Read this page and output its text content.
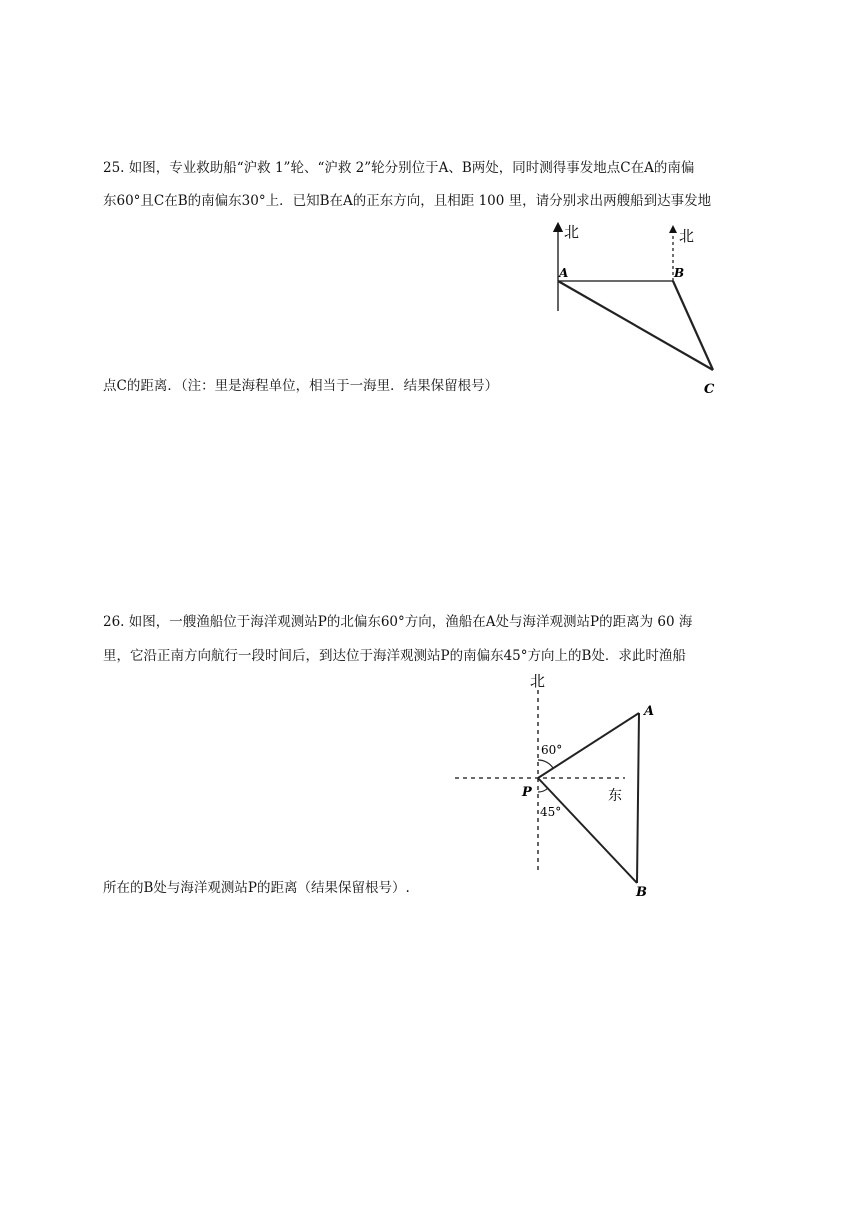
25. 如图，专业救助船“沪救 1”轮、“沪救 2”轮分别位于A、B两处，同时测得事发地点C在A的南偏
东60°且C在B的南偏东30°上．已知B在A的正东方向，且相距 100 里，请分别求出两艘船到达事发地
点C的距离．（注：里是海程单位，相当于一海里．结果保留根号）
北	北
A	B
C
26. 如图，一艘渔船位于海洋观测站P的北偏东60°方向，渔船在A处与海洋观测站P的距离为 60 海
里，它沿正南方向航行一段时间后，到达位于海洋观测站P的南偏东45°方向上的B处．求此时渔船
所在的B处与海洋观测站P的距离（结果保留根号）.
北
东
60°
45°
P
A
B
